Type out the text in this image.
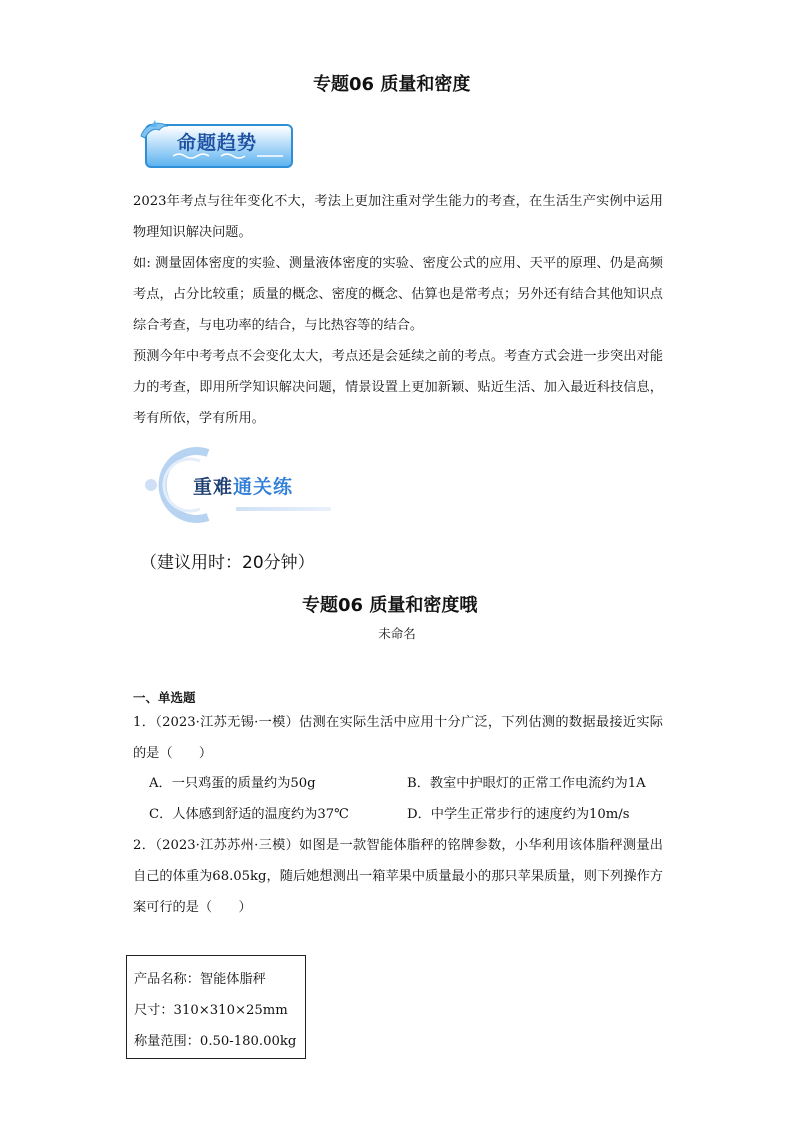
专题06 质量和密度
命题趋势

2023年考点与往年变化不大，考法上更加注重对学生能力的考查，在生活生产实例中运用物理知识解决问题。

如: 测量固体密度的实验、测量液体密度的实验、密度公式的应用、天平的原理、仍是高频考点，占分比较重；质量的概念、密度的概念、估算也是常考点；另外还有结合其他知识点综合考查，与电功率的结合，与比热容等的结合。

预测今年中考考点不会变化太大，考点还是会延续之前的考点。考查方式会进一步突出对能力的考查，即用所学知识解决问题，情景设置上更加新颖、贴近生活、加入最近科技信息，考有所依，学有所用。

重难通关练
（建议用时：20分钟）
专题06 质量和密度哦
未命名
一、单选题

1．（2023·江苏无锡·一模）估测在实际生活中应用十分广泛，下列估测的数据最接近实际的是（　　）

A．一只鸡蛋的质量约为50g	B．教室中护眼灯的正常工作电流约为1A
C．人体感到舒适的温度约为37℃	D．中学生正常步行的速度约为10m/s

2．（2023·江苏苏州·三模）如图是一款智能体脂秤的铭牌参数，小华利用该体脂秤测量出自己的体重为68.05kg，随后她想测出一箱苹果中质量最小的那只苹果质量，则下列操作方案可行的是（　　）

产品名称：智能体脂秤
尺寸：310×310×25mm
称量范围：0.50-180.00kg
